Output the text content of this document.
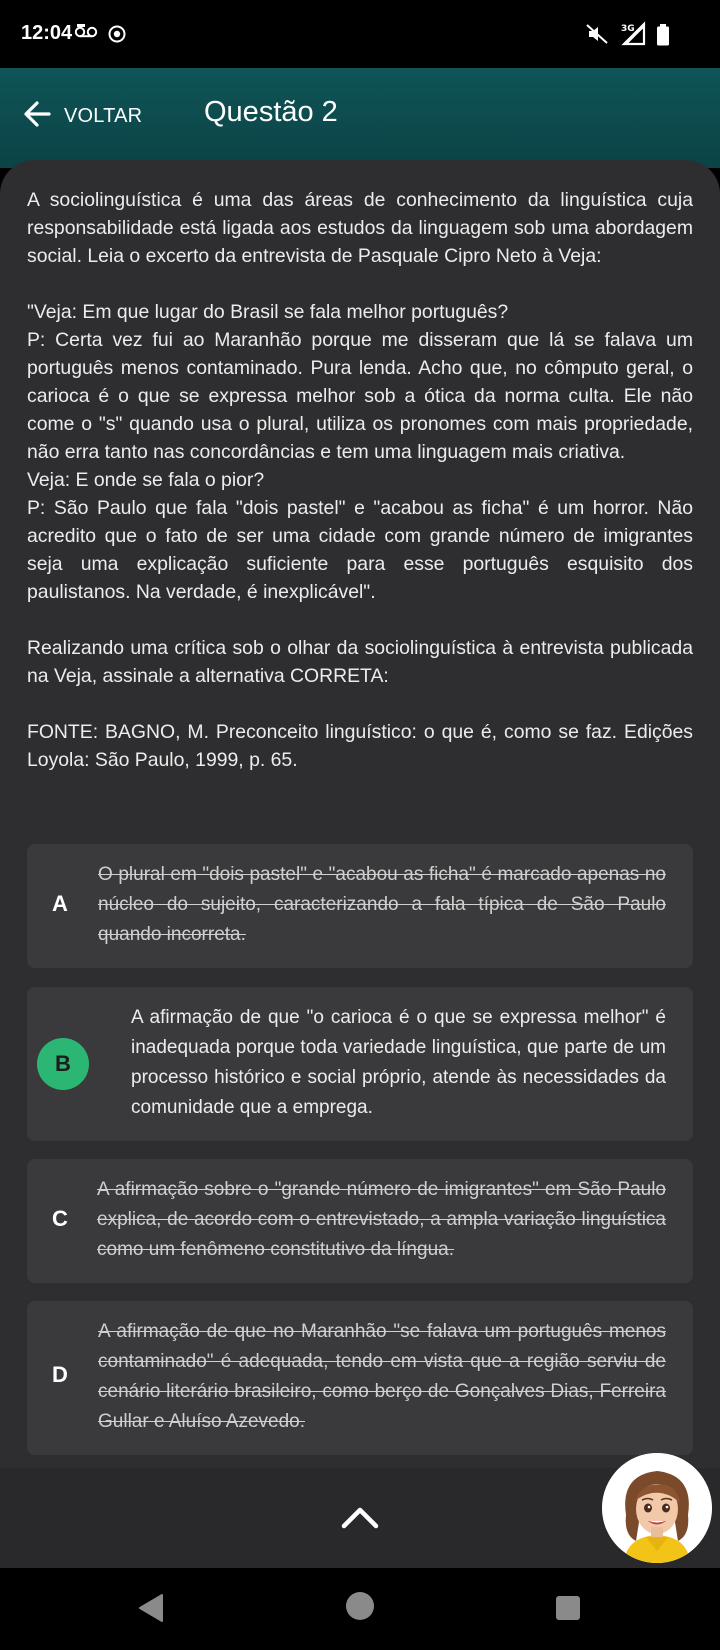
12:04	3G
VOLTAR Questão 2

A sociolinguística é uma das áreas de conhecimento da linguística cuja responsabilidade está ligada aos estudos da linguagem sob uma abordagem social. Leia o excerto da entrevista de Pasquale Cipro Neto à Veja:

"Veja: Em que lugar do Brasil se fala melhor português?

P: Certa vez fui ao Maranhão porque me disseram que lá se falava um português menos contaminado. Pura lenda. Acho que, no cômputo geral, o carioca é o que se expressa melhor sob a ótica da norma culta. Ele não come o "s" quando usa o plural, utiliza os pronomes com mais propriedade, não erra tanto nas concordâncias e tem uma linguagem mais criativa.

Veja: E onde se fala o pior?

P: São Paulo que fala "dois pastel" e "acabou as ficha" é um horror. Não acredito que o fato de ser uma cidade com grande número de imigrantes seja uma explicação suficiente para esse português esquisito dos paulistanos. Na verdade, é inexplicável".

Realizando uma crítica sob o olhar da sociolinguística à entrevista publicada na Veja, assinale a alternativa CORRETA:

FONTE: BAGNO, M. Preconceito linguístico: o que é, como se faz. Edições Loyola: São Paulo, 1999, p. 65.

A
O plural em "dois pastel" e "acabou as ficha" é marcado apenas no núcleo do sujeito, caracterizando a fala típica de São Paulo quando incorreta.
B
A afirmação de que "o carioca é o que se expressa melhor" é inadequada porque toda variedade linguística, que parte de um processo histórico e social próprio, atende às necessidades da comunidade que a emprega.
C
A afirmação sobre o "grande número de imigrantes" em São Paulo explica, de acordo com o entrevistado, a ampla variação linguística como um fenômeno constitutivo da língua.
D
A afirmação de que no Maranhão "se falava um português menos contaminado" é adequada, tendo em vista que a região serviu de cenário literário brasileiro, como berço de Gonçalves Dias, Ferreira Gullar e Aluíso Azevedo.
